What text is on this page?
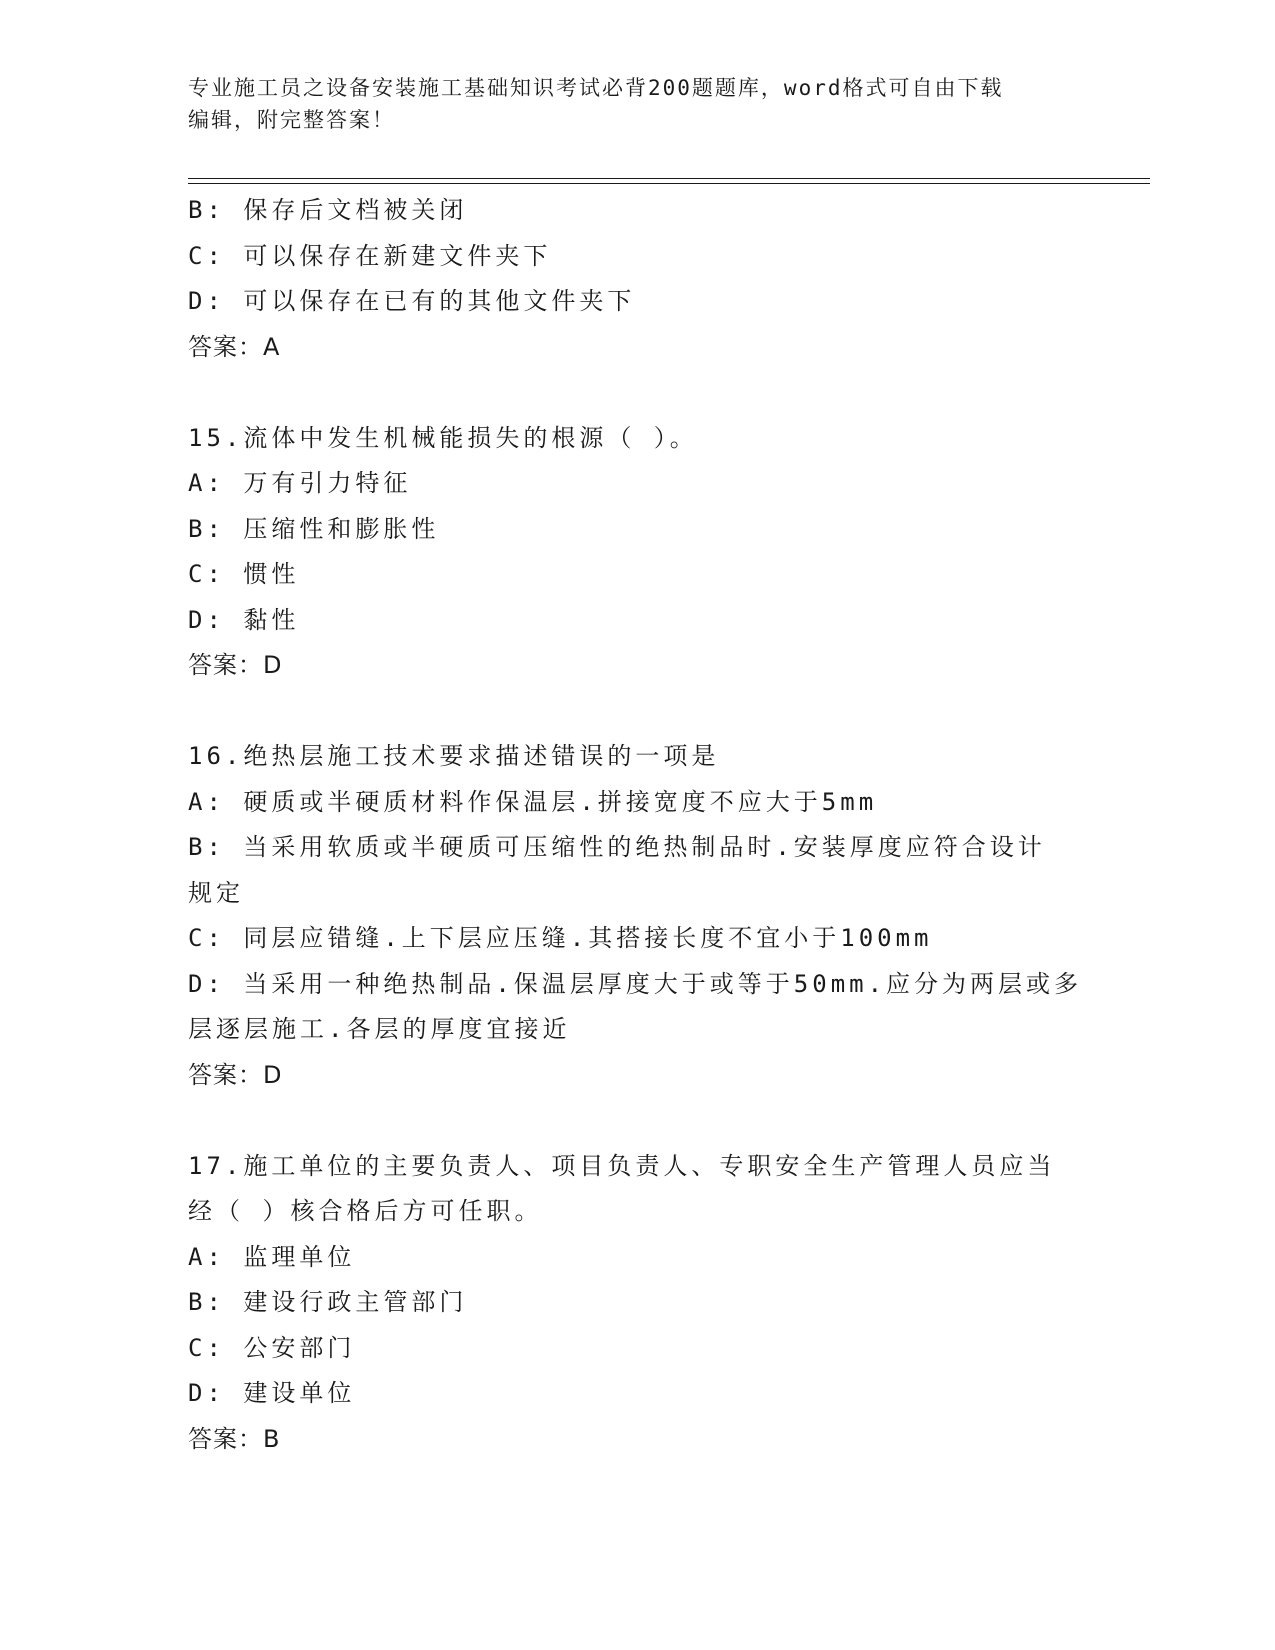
专业施工员之设备安装施工基础知识考试必背200题题库，word格式可自由下载
编辑，附完整答案！
B: 保存后文档被关闭
C: 可以保存在新建文件夹下
D: 可以保存在已有的其他文件夹下
答案：A
15.流体中发生机械能损失的根源（ ）。
A: 万有引力特征
B: 压缩性和膨胀性
C: 惯性
D: 黏性
答案：D
16.绝热层施工技术要求描述错误的一项是
A: 硬质或半硬质材料作保温层.拼接宽度不应大于5mm
B: 当采用软质或半硬质可压缩性的绝热制品时.安装厚度应符合设计
规定
C: 同层应错缝.上下层应压缝.其搭接长度不宜小于100mm
D: 当采用一种绝热制品.保温层厚度大于或等于50mm.应分为两层或多
层逐层施工.各层的厚度宜接近
答案：D
17.施工单位的主要负责人、项目负责人、专职安全生产管理人员应当
经（ ）核合格后方可任职。
A: 监理单位
B: 建设行政主管部门
C: 公安部门
D: 建设单位
答案：B
